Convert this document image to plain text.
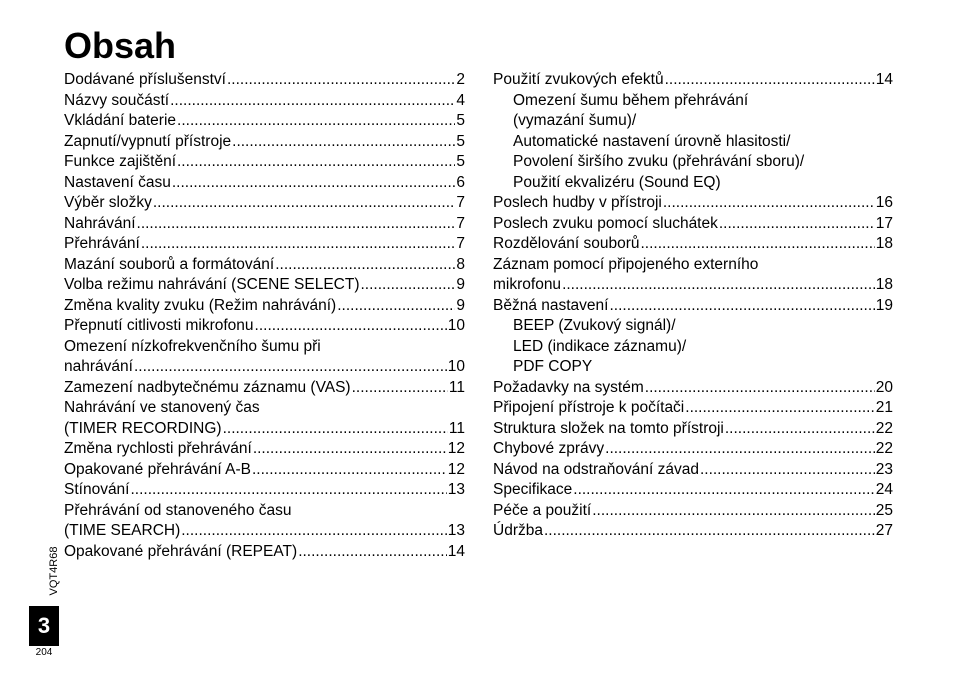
Obsah
Dodávané příslušenství .....	2
Názvy součástí .....	4
Vkládání baterie .....	5
Zapnutí/vypnutí přístroje .....	5
Funkce zajištění .....	5
Nastavení času .....	6
Výběr složky .....	7
Nahrávání .....	7
Přehrávání .....	7
Mazání souborů a formátování .....	8
Volba režimu nahrávání (SCENE SELECT) .....	9
Změna kvality zvuku (Režim nahrávání) .....	9
Přepnutí citlivosti mikrofonu .....	10
Omezení nízkofrekvenčního šumu při
nahrávání .....	10
Zamezení nadbytečnému záznamu (VAS) .....	11
Nahrávání ve stanovený čas
(TIMER RECORDING) .....	11
Změna rychlosti přehrávání .....	12
Opakované přehrávání A-B .....	12
Stínování .....	13
Přehrávání od stanoveného času
(TIME SEARCH) .....	13
Opakované přehrávání (REPEAT) .....	14
Použití zvukových efektů .....	14
Omezení šumu během přehrávání
(vymazání šumu)/
Automatické nastavení úrovně hlasitosti/
Povolení širšího zvuku (přehrávání sboru)/
Použití ekvalizéru (Sound EQ)
Poslech hudby v přístroji .....	16
Poslech zvuku pomocí sluchátek .....	17
Rozdělování souborů .....	18
Záznam pomocí připojeného externího
mikrofonu .....	18
Běžná nastavení .....	19
BEEP (Zvukový signál)/
LED (indikace záznamu)/
PDF COPY
Požadavky na systém .....	20
Připojení přístroje k počítači .....	21
Struktura složek na tomto přístroji .....	22
Chybové zprávy .....	22
Návod na odstraňování závad .....	23
Specifikace .....	24
Péče a použití .....	25
Údržba .....	27
VQT4R68
3
204
